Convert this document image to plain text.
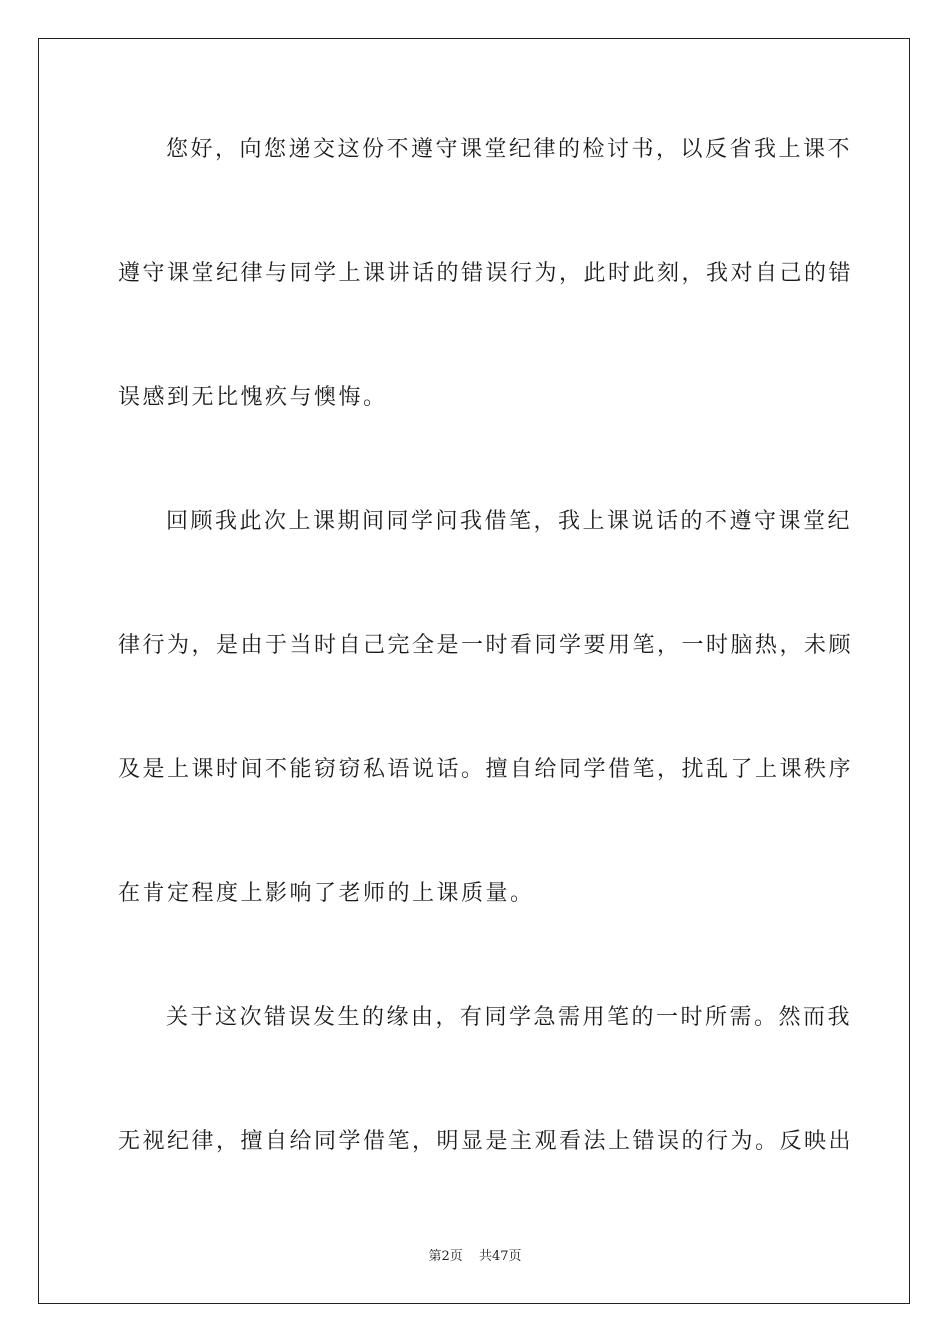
您好，向您递交这份不遵守课堂纪律的检讨书，以反省我上课不
遵守课堂纪律与同学上课讲话的错误行为，此时此刻，我对自己的错
误感到无比愧疚与懊悔。
回顾我此次上课期间同学问我借笔，我上课说话的不遵守课堂纪
律行为，是由于当时自己完全是一时看同学要用笔，一时脑热，未顾
及是上课时间不能窃窃私语说话。擅自给同学借笔，扰乱了上课秩序
在肯定程度上影响了老师的上课质量。
关于这次错误发生的缘由，有同学急需用笔的一时所需。然而我
无视纪律，擅自给同学借笔，明显是主观看法上错误的行为。反映出
第2页 共47页
